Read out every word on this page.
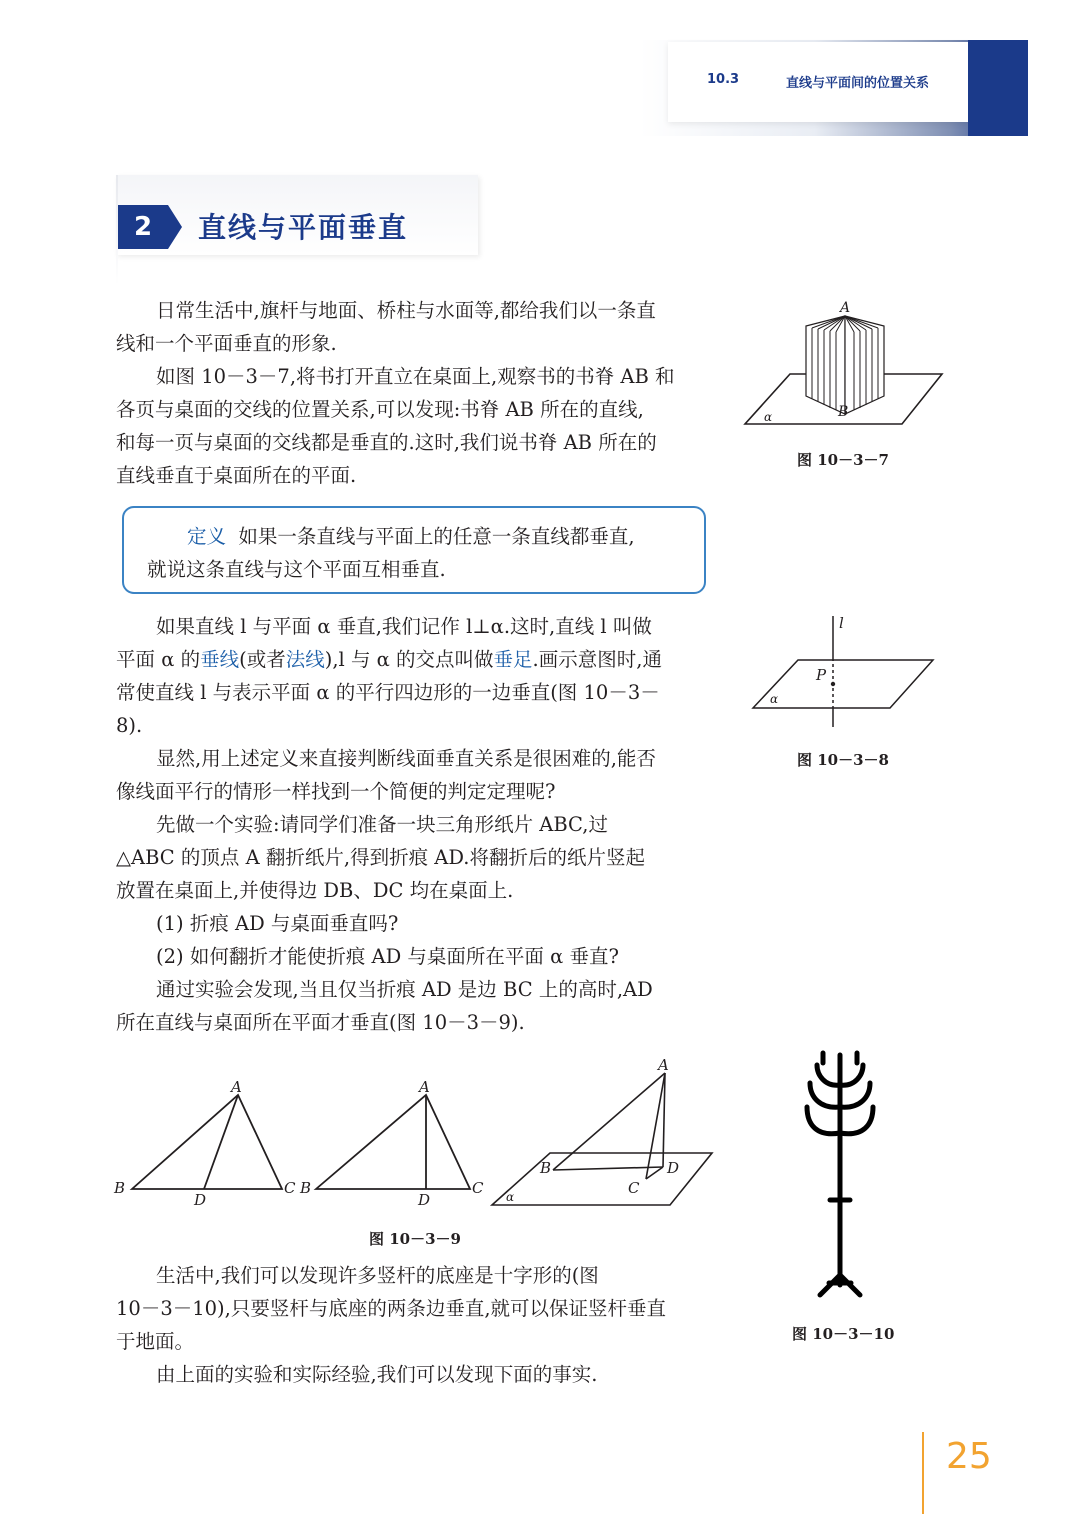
10.3	直线与平面间的位置关系
2	直线与平面垂直
日常生活中,旗杆与地面、桥柱与水面等,都给我们以一条直
线和一个平面垂直的形象.
如图 10－3－7,将书打开直立在桌面上,观察书的书脊 AB 和
各页与桌面的交线的位置关系,可以发现:书脊 AB 所在的直线,
和每一页与桌面的交线都是垂直的.这时,我们说书脊 AB 所在的
直线垂直于桌面所在的平面.
定义 如果一条直线与平面上的任意一条直线都垂直,
就说这条直线与这个平面互相垂直.
如果直线 l 与平面 α 垂直,我们记作 l⊥α.这时,直线 l 叫做
平面 α 的垂线(或者法线),l 与 α 的交点叫做垂足.画示意图时,通
常使直线 l 与表示平面 α 的平行四边形的一边垂直(图 10－3－
8).
显然,用上述定义来直接判断线面垂直关系是很困难的,能否
像线面平行的情形一样找到一个简便的判定定理呢?
先做一个实验:请同学们准备一块三角形纸片 ABC,过
△ABC 的顶点 A 翻折纸片,得到折痕 AD.将翻折后的纸片竖起
放置在桌面上,并使得边 DB、DC 均在桌面上.
(1) 折痕 AD 与桌面垂直吗?
(2) 如何翻折才能使折痕 AD 与桌面所在平面 α 垂直?
通过实验会发现,当且仅当折痕 AD 是边 BC 上的高时,AD
所在直线与桌面所在平面才垂直(图 10－3－9).
生活中,我们可以发现许多竖杆的底座是十字形的(图
10－3－10),只要竖杆与底座的两条边垂直,就可以保证竖杆垂直
于地面。
由上面的实验和实际经验,我们可以发现下面的事实.
A
B
α
图 10－3－7
l
P
α
图 10－3－8
A
B
D
C
A
B
D
C
A
B	D
C
α
图 10－3－9
图 10－3－10
25
